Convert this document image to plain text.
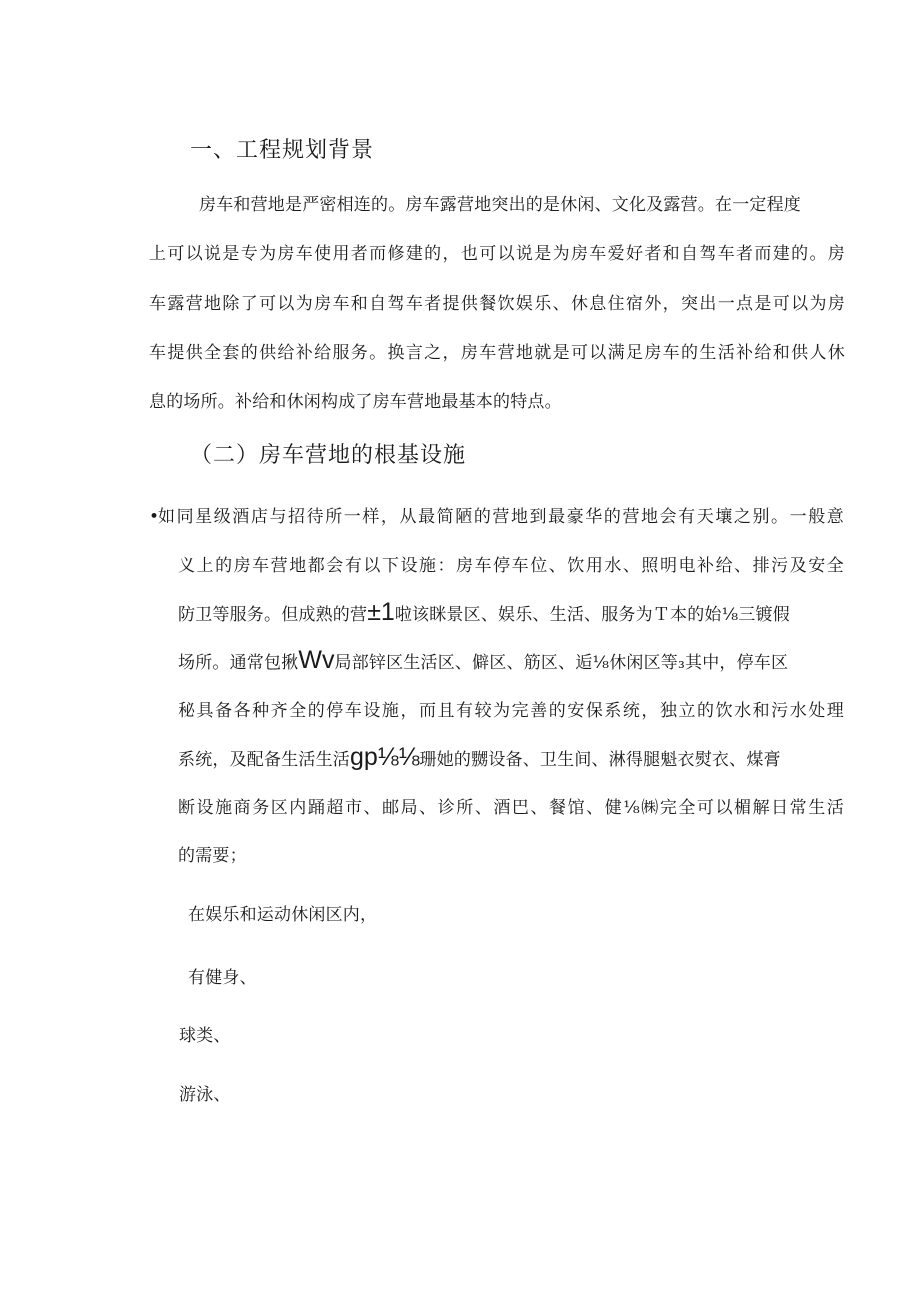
一、工程规划背景
房车和营地是严密相连的。房车露营地突出的是休闲、文化及露营。在一定程度
上可以说是专为房车使用者而修建的，也可以说是为房车爱好者和自驾车者而建的。房
车露营地除了可以为房车和自驾车者提供餐饮娱乐、休息住宿外，突出一点是可以为房
车提供全套的供给补给服务。换言之，房车营地就是可以满足房车的生活补给和供人休
息的场所。补给和休闲构成了房车营地最基本的特点。
（二）房车营地的根基设施
•
如同星级酒店与招待所一样，从最简陋的营地到最豪华的营地会有天壤之别。一般意
义上的房车营地都会有以下设施：房车停车位、饮用水、照明电补给、排污及安全
防卫等服务。但成熟的营±1啦该眯景区、娱乐、生活、服务为Ｔ本的始⅛三镀假
场所。通常包揪Wv局部锌区生活区、僻区、筋区、逅⅛休闲区等₃其中，停车区
秘具备各种齐全的停车设施，而且有较为完善的安保系统，独立的饮水和污水处理
系统，及配备生活生活gp⅛⅛珊她的嬲设备、卫生间、淋得腿魁衣熨衣、煤膏
断设施商务区内踊超市、邮局、诊所、酒巴、餐馆、健⅛㈱完全可以楣解日常生活
的需要；
在娱乐和运动休闲区内，
有健身、
球类、
游泳、
